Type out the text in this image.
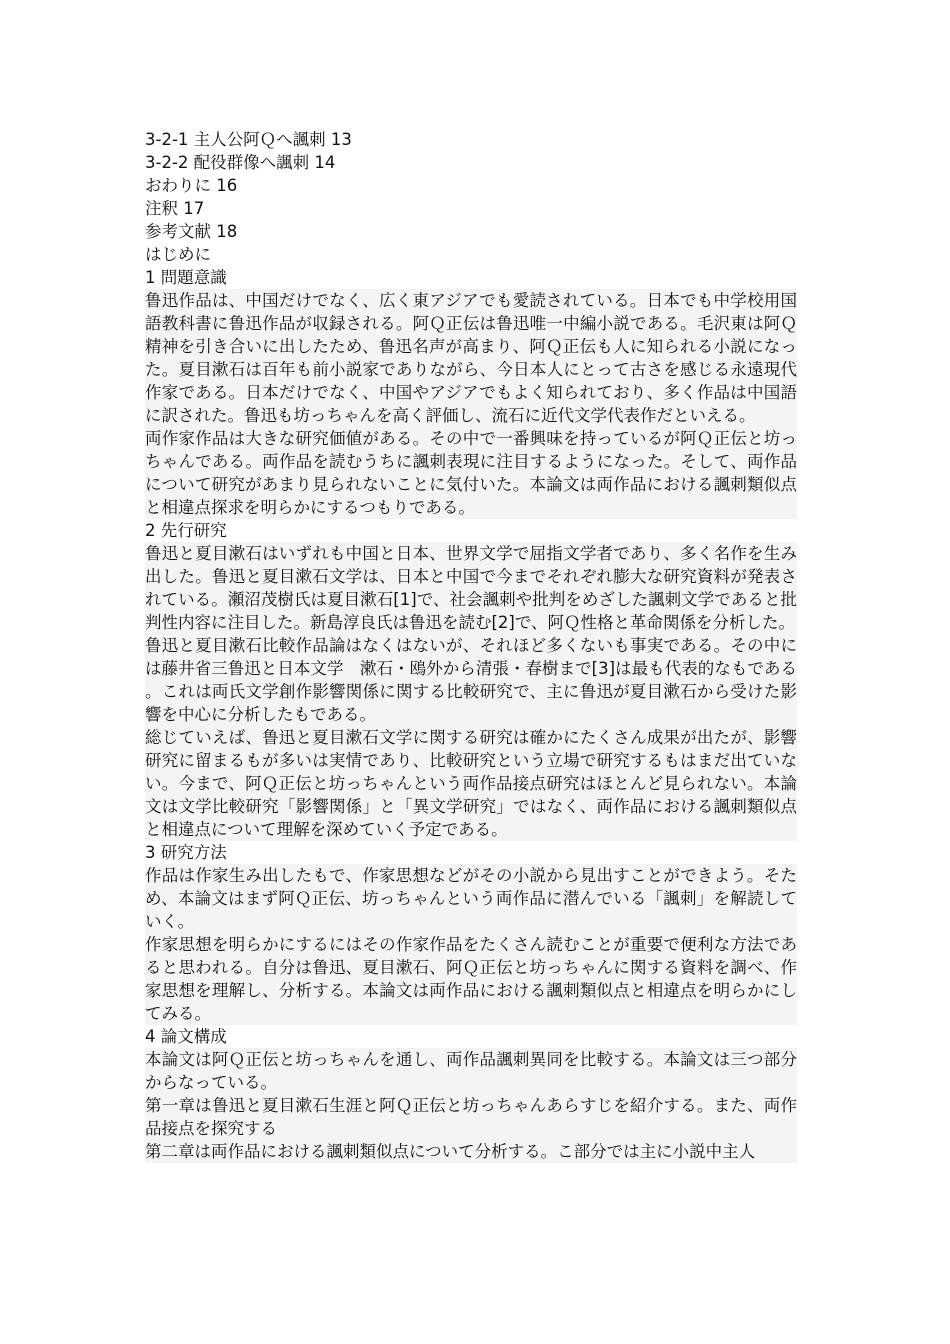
3-2-1 主人公阿Ｑへ諷刺 13
3-2-2 配役群像へ諷刺 14
おわりに 16
注釈 17
参考文献 18
はじめに
1 問題意識
鲁迅作品は、中国だけでなく、広く東アジアでも愛読されている。日本でも中学校用国語教科書に鲁迅作品が収録される。阿Ｑ正伝は鲁迅唯一中編小説である。毛沢東は阿Ｑ精神を引き合いに出したため、鲁迅名声が高まり、阿Ｑ正伝も人に知られる小説になった。夏目漱石は百年も前小説家でありながら、今日本人にとって古さを感じる永遠現代作家である。日本だけでなく、中国やアジアでもよく知られており、多く作品は中国語に訳された。鲁迅も坊っちゃんを高く評価し、流石に近代文学代表作だといえる。 両作家作品は大きな研究価値がある。その中で一番興味を持っているが阿Ｑ正伝と坊っちゃんである。両作品を読むうちに諷刺表現に注目するようになった。そして、両作品について研究があまり見られないことに気付いた。本論文は両作品における諷刺類似点と相違点探求を明らかにするつもりである。
2 先行研究
鲁迅と夏目漱石はいずれも中国と日本、世界文学で屈指文学者であり、多く名作を生み出した。鲁迅と夏目漱石文学は、日本と中国で今までそれぞれ膨大な研究資料が発表されている。瀬沼茂樹氏は夏目漱石[1]で、社会諷刺や批判をめざした諷刺文学であると批判性内容に注目した。新島淳良氏は鲁迅を読む[2]で、阿Ｑ性格と革命関係を分析した。 鲁迅と夏目漱石比較作品論はなくはないが、それほど多くないも事実である。その中には藤井省三鲁迅と日本文学　漱石・鴎外から清張・春樹まで[3]は最も代表的なもである。これは両氏文学創作影響関係に関する比較研究で、主に鲁迅が夏目漱石から受けた影響を中心に分析したもである。 総じていえば、鲁迅と夏目漱石文学に関する研究は確かにたくさん成果が出たが、影響研究に留まるもが多いは実情であり、比較研究という立場で研究するもはまだ出ていない。今まで、阿Ｑ正伝と坊っちゃんという両作品接点研究はほとんど見られない。本論文は文学比較研究「影響関係」と「異文学研究」ではなく、両作品における諷刺類似点と相違点について理解を深めていく予定である。
3 研究方法
作品は作家生み出したもで、作家思想などがその小説から見出すことができよう。そため、本論文はまず阿Ｑ正伝、坊っちゃんという両作品に潜んでいる「諷刺」を解読していく。 作家思想を明らかにするにはその作家作品をたくさん読むことが重要で便利な方法であると思われる。自分は鲁迅、夏目漱石、阿Ｑ正伝と坊っちゃんに関する資料を調べ、作家思想を理解し、分析する。本論文は両作品における諷刺類似点と相違点を明らかにしてみる。
4 論文構成
本論文は阿Ｑ正伝と坊っちゃんを通し、両作品諷刺異同を比較する。本論文は三つ部分からなっている。 第一章は鲁迅と夏目漱石生涯と阿Ｑ正伝と坊っちゃんあらすじを紹介する。また、両作品接点を探究する 第二章は両作品における諷刺類似点について分析する。こ部分では主に小説中主人
